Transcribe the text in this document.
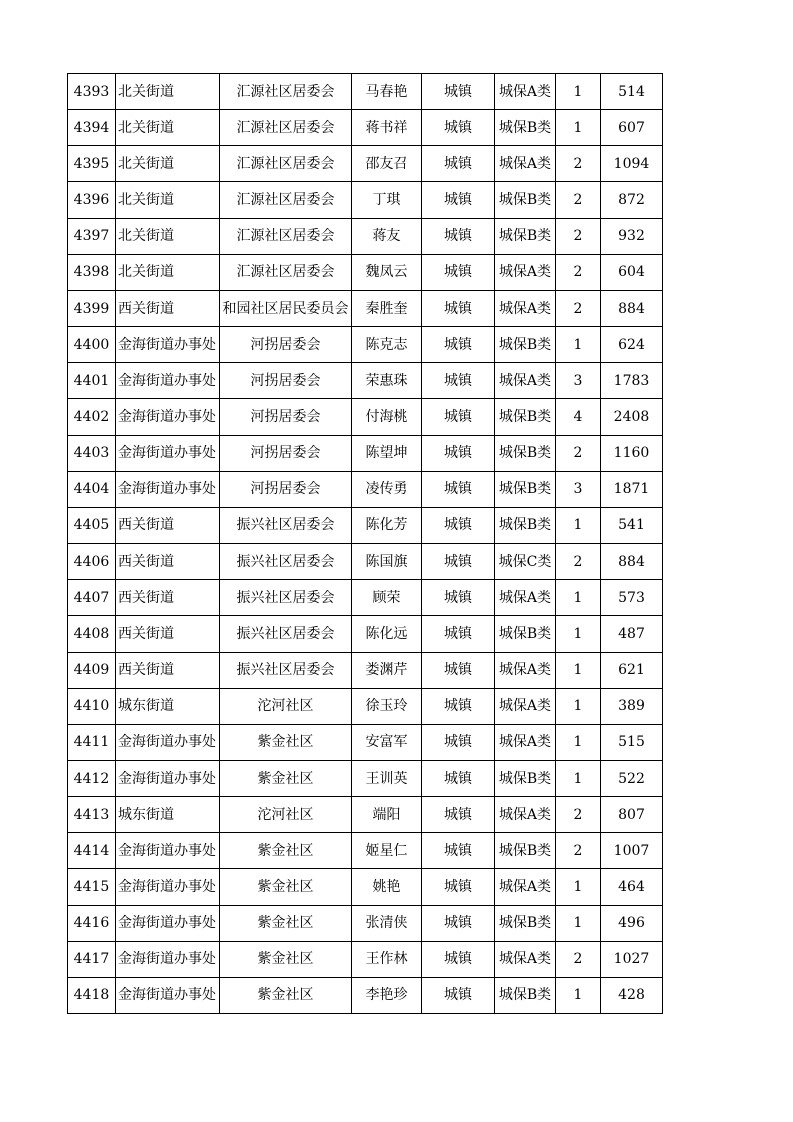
4393	北关街道	汇源社区居委会	马春艳	城镇	城保A类	1	514
4394	北关街道	汇源社区居委会	蒋书祥	城镇	城保B类	1	607
4395	北关街道	汇源社区居委会	邵友召	城镇	城保A类	2	1094
4396	北关街道	汇源社区居委会	丁琪	城镇	城保B类	2	872
4397	北关街道	汇源社区居委会	蒋友	城镇	城保B类	2	932
4398	北关街道	汇源社区居委会	魏凤云	城镇	城保A类	2	604
4399	西关街道	和园社区居民委员会	秦胜奎	城镇	城保A类	2	884
4400	金海街道办事处	河拐居委会	陈克志	城镇	城保B类	1	624
4401	金海街道办事处	河拐居委会	荣惠珠	城镇	城保A类	3	1783
4402	金海街道办事处	河拐居委会	付海桃	城镇	城保B类	4	2408
4403	金海街道办事处	河拐居委会	陈望坤	城镇	城保B类	2	1160
4404	金海街道办事处	河拐居委会	凌传勇	城镇	城保B类	3	1871
4405	西关街道	振兴社区居委会	陈化芳	城镇	城保B类	1	541
4406	西关街道	振兴社区居委会	陈国旗	城镇	城保C类	2	884
4407	西关街道	振兴社区居委会	顾荣	城镇	城保A类	1	573
4408	西关街道	振兴社区居委会	陈化远	城镇	城保B类	1	487
4409	西关街道	振兴社区居委会	娄渊芹	城镇	城保A类	1	621
4410	城东街道	沱河社区	徐玉玲	城镇	城保A类	1	389
4411	金海街道办事处	紫金社区	安富军	城镇	城保A类	1	515
4412	金海街道办事处	紫金社区	王训英	城镇	城保B类	1	522
4413	城东街道	沱河社区	端阳	城镇	城保A类	2	807
4414	金海街道办事处	紫金社区	姬星仁	城镇	城保B类	2	1007
4415	金海街道办事处	紫金社区	姚艳	城镇	城保A类	1	464
4416	金海街道办事处	紫金社区	张清侠	城镇	城保B类	1	496
4417	金海街道办事处	紫金社区	王作林	城镇	城保A类	2	1027
4418	金海街道办事处	紫金社区	李艳珍	城镇	城保B类	1	428
